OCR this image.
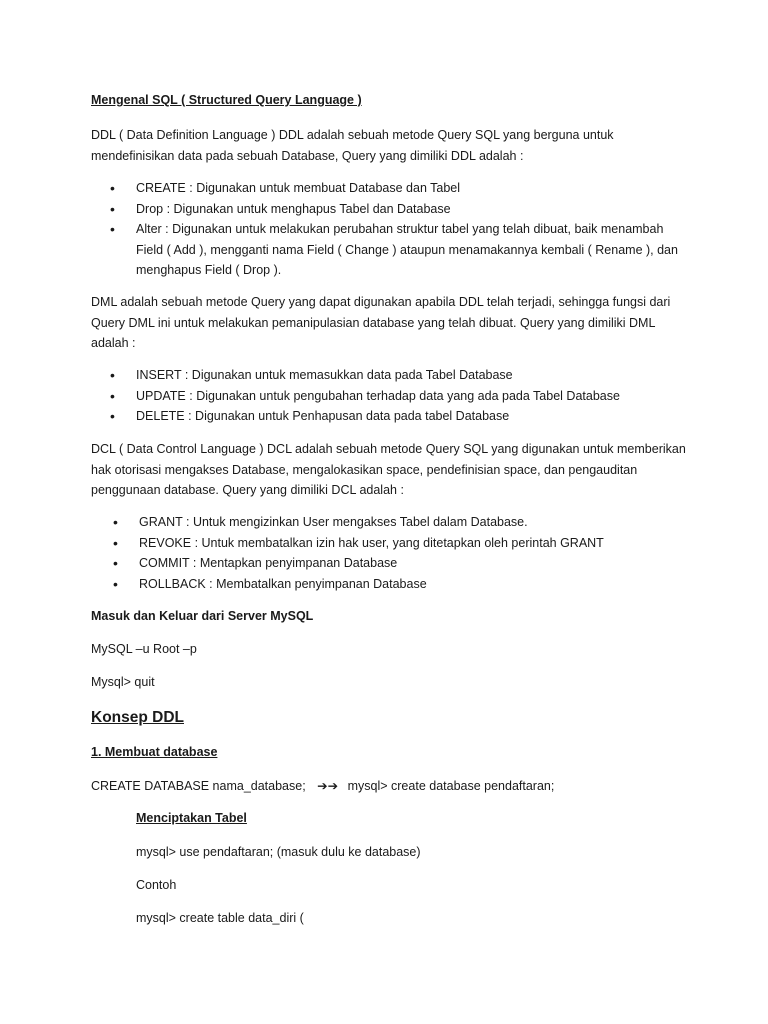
Mengenal SQL ( Structured Query Language )
DDL ( Data Definition Language ) DDL adalah sebuah metode Query SQL yang berguna untuk mendefinisikan data pada sebuah Database, Query yang dimiliki DDL adalah :
• CREATE : Digunakan untuk membuat Database dan Tabel
• Drop : Digunakan untuk menghapus Tabel dan Database
• Alter : Digunakan untuk melakukan perubahan struktur tabel yang telah dibuat, baik menambah Field ( Add ), mengganti nama Field ( Change ) ataupun menamakannya kembali ( Rename ), dan menghapus Field ( Drop ).
DML adalah sebuah metode Query yang dapat digunakan apabila DDL telah terjadi, sehingga fungsi dari Query DML ini untuk melakukan pemanipulasian database yang telah dibuat. Query yang dimiliki DML adalah :
• INSERT : Digunakan untuk memasukkan data pada Tabel Database
• UPDATE : Digunakan untuk pengubahan terhadap data yang ada pada Tabel Database
• DELETE : Digunakan untuk Penhapusan data pada tabel Database
DCL ( Data Control Language ) DCL adalah sebuah metode Query SQL yang digunakan untuk memberikan hak otorisasi mengakses Database, mengalokasikan space, pendefinisian space, dan pengauditan penggunaan database. Query yang dimiliki DCL adalah :
• GRANT : Untuk mengizinkan User mengakses Tabel dalam Database.
• REVOKE : Untuk membatalkan izin hak user, yang ditetapkan oleh perintah GRANT
• COMMIT : Mentapkan penyimpanan Database
• ROLLBACK : Membatalkan penyimpanan Database
Masuk dan Keluar dari Server MySQL
MySQL –u Root –p
Mysql> quit
Konsep DDL
1. Membuat database
CREATE DATABASE nama_database; ➔➔ mysql> create database pendaftaran;
Menciptakan Tabel
mysql> use pendaftaran; (masuk dulu ke database)
Contoh
mysql> create table data_diri (
